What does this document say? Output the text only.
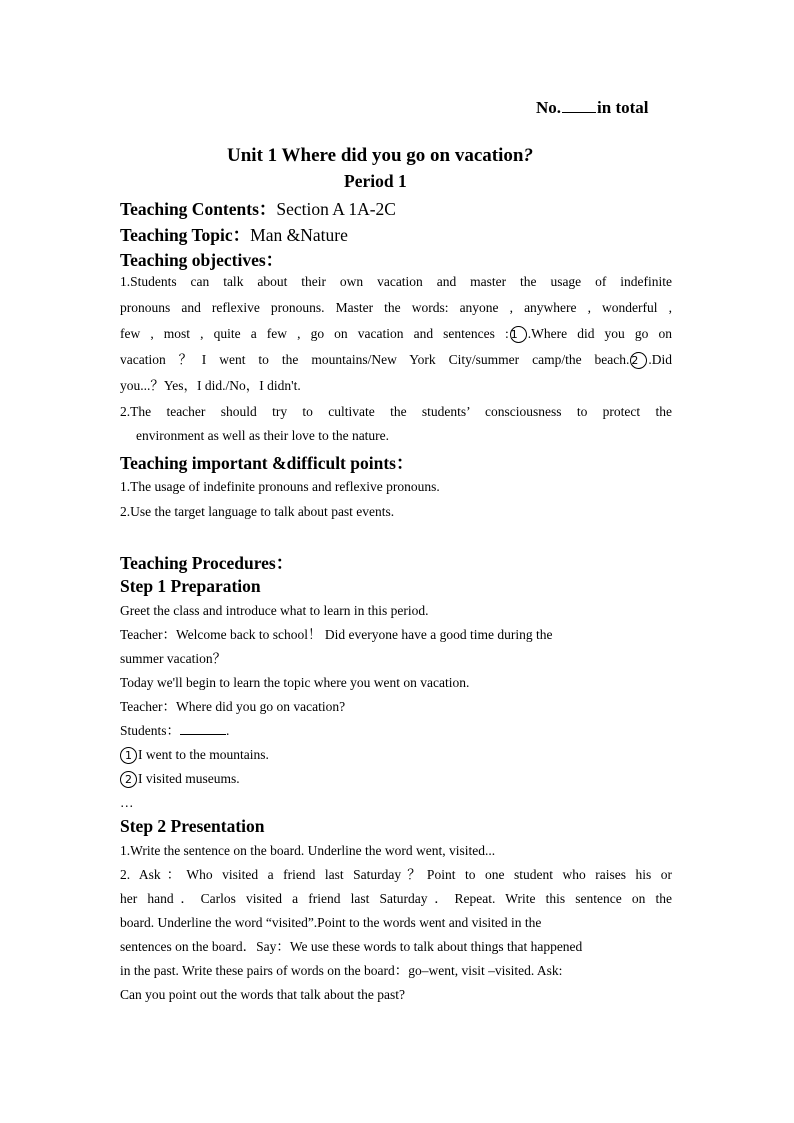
No. in total
Unit 1 Where did you go on vacation?
Period 1
Teaching Contents：Section A 1A-2C
Teaching Topic：Man &Nature
Teaching objectives：
1.Students can talk about their own vacation and master the usage of indefinite
pronouns and reflexive pronouns. Master the words: anyone , anywhere , wonderful ,
few , most , quite a few , go on vacation and sentences : 1 .Where did you go on
vacation ？I went to the mountains/New York City/summer camp/the beach. 2 .Did
you...？Yes，I did./No，I didn't.
2.The teacher should try to cultivate the students’ consciousness to protect the
environment as well as their love to the nature.
Teaching important &difficult points：
1.The usage of indefinite pronouns and reflexive pronouns.
2.Use the target language to talk about past events.
Teaching Procedures：
Step 1 Preparation
Greet the class and introduce what to learn in this period.
Teacher：Welcome back to school！ Did everyone have a good time during the
summer vacation？
Today we'll begin to learn the topic where you went on vacation.
Teacher：Where did you go on vacation?
Students：	.
1 I went to the mountains.
2 I visited museums.
…
Step 2 Presentation
1.Write the sentence on the board. Underline the word went, visited...
2. Ask：Who visited a friend last Saturday？Point to one student who raises his or
her hand．Carlos visited a friend last Saturday．Repeat. Write this sentence on the
board. Underline the word “visited”.Point to the words went and visited in the
sentences on the board．Say：We use these words to talk about things that happened
in the past. Write these pairs of words on the board：go–went, visit –visited. Ask:
Can you point out the words that talk about the past?
